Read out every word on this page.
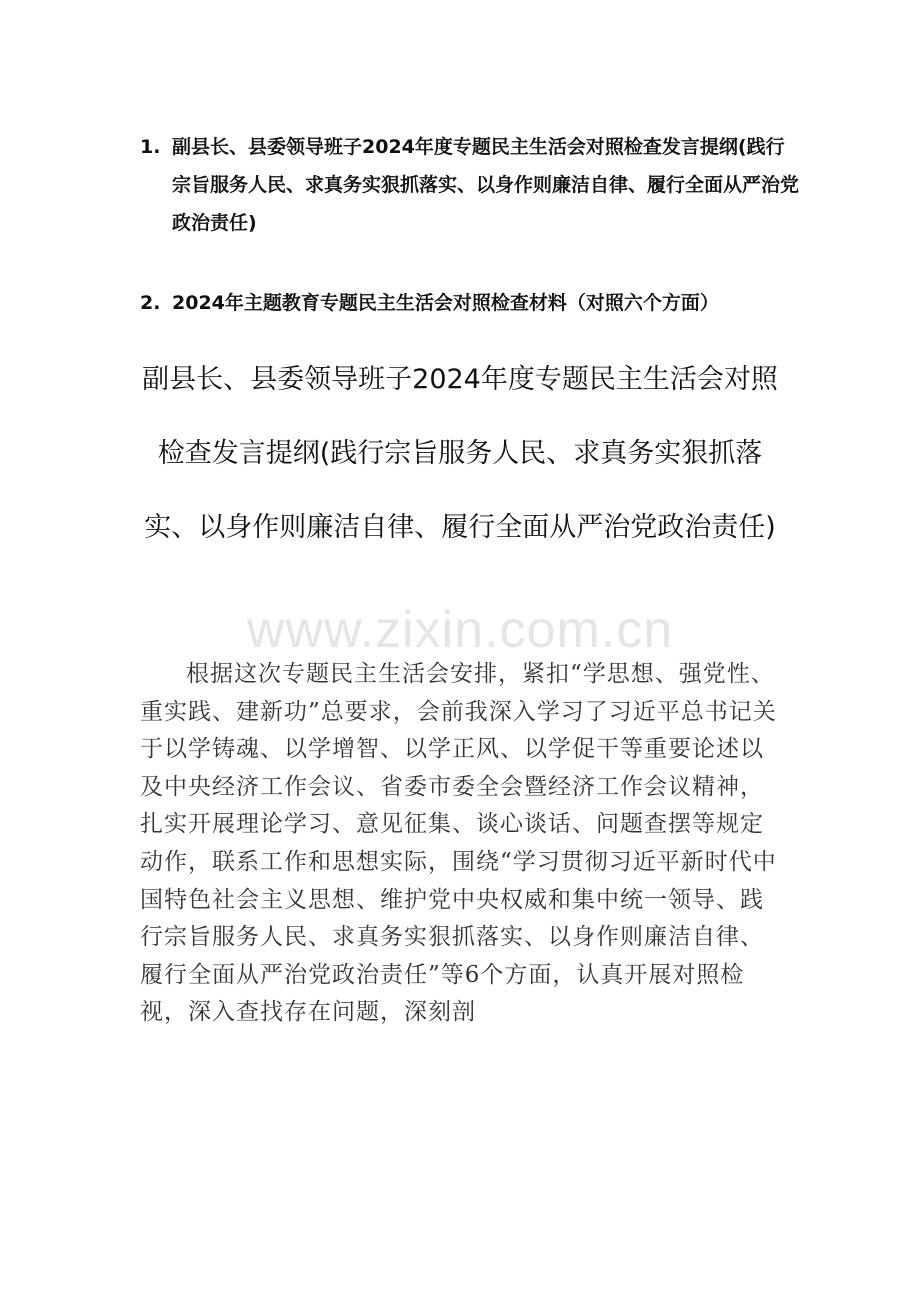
1. 副县长、县委领导班子2024年度专题民主生活会对照检查发言提纲(践行宗旨服务人民、求真务实狠抓落实、以身作则廉洁自律、履行全面从严治党政治责任)
2. 2024年主题教育专题民主生活会对照检查材料（对照六个方面）
副县长、县委领导班子2024年度专题民主生活会对照检查发言提纲(践行宗旨服务人民、求真务实狠抓落实、以身作则廉洁自律、履行全面从严治党政治责任)
www.zixin.com.cn

根据这次专题民主生活会安排，紧扣“学思想、强党性、重实践、建新功”总要求，会前我深入学习了习近平总书记关于以学铸魂、以学增智、以学正风、以学促干等重要论述以及中央经济工作会议、省委市委全会暨经济工作会议精神，扎实开展理论学习、意见征集、谈心谈话、问题查摆等规定动作，联系工作和思想实际，围绕“学习贯彻习近平新时代中国特色社会主义思想、维护党中央权威和集中统一领导、践行宗旨服务人民、求真务实狠抓落实、以身作则廉洁自律、履行全面从严治党政治责任”等6个方面，认真开展对照检视，深入查找存在问题，深刻剖
